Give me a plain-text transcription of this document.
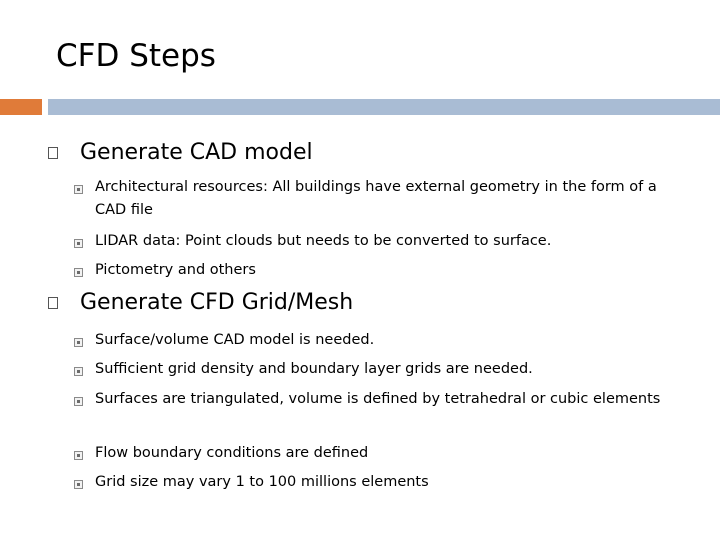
CFD Steps
Generate CAD model
Architectural resources: All buildings have external geometry in the form of a CAD file
LIDAR data: Point clouds but needs to be converted to surface.
Pictometry and others
Generate CFD Grid/Mesh
Surface/volume CAD model is needed.
Sufficient grid density and boundary layer grids are needed.
Surfaces are triangulated, volume is defined by tetrahedral or cubic elements
Flow boundary conditions are defined
Grid size may vary 1 to 100 millions elements
